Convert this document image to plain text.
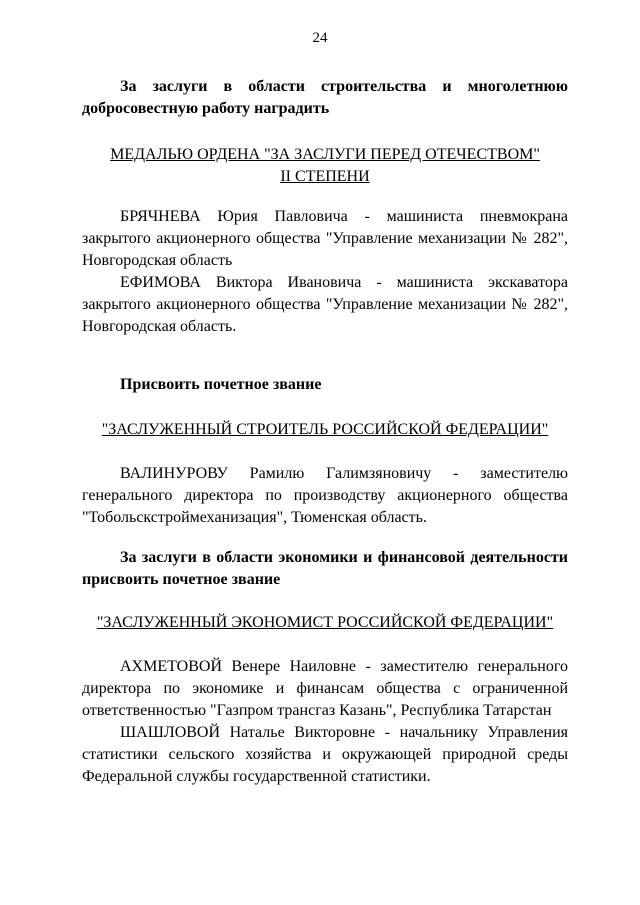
24
За заслуги в области строительства и многолетнюю добросовестную работу наградить
МЕДАЛЬЮ ОРДЕНА "ЗА ЗАСЛУГИ ПЕРЕД ОТЕЧЕСТВОМ"
II СТЕПЕНИ
БРЯЧНЕВА Юрия Павловича - машиниста пневмокрана закрытого акционерного общества "Управление механизации № 282", Новгородская область
ЕФИМОВА Виктора Ивановича - машиниста экскаватора закрытого акционерного общества "Управление механизации № 282", Новгородская область.
Присвоить почетное звание
"ЗАСЛУЖЕННЫЙ СТРОИТЕЛЬ РОССИЙСКОЙ ФЕДЕРАЦИИ"
ВАЛИНУРОВУ Рамилю Галимзяновичу - заместителю генерального директора по производству акционерного общества "Тобольскстроймеханизация", Тюменская область.
За заслуги в области экономики и финансовой деятельности присвоить почетное звание
"ЗАСЛУЖЕННЫЙ ЭКОНОМИСТ РОССИЙСКОЙ ФЕДЕРАЦИИ"
АХМЕТОВОЙ Венере Наиловне - заместителю генерального директора по экономике и финансам общества с ограниченной ответственностью "Газпром трансгаз Казань", Республика Татарстан
ШАШЛОВОЙ Наталье Викторовне - начальнику Управления статистики сельского хозяйства и окружающей природной среды Федеральной службы государственной статистики.
